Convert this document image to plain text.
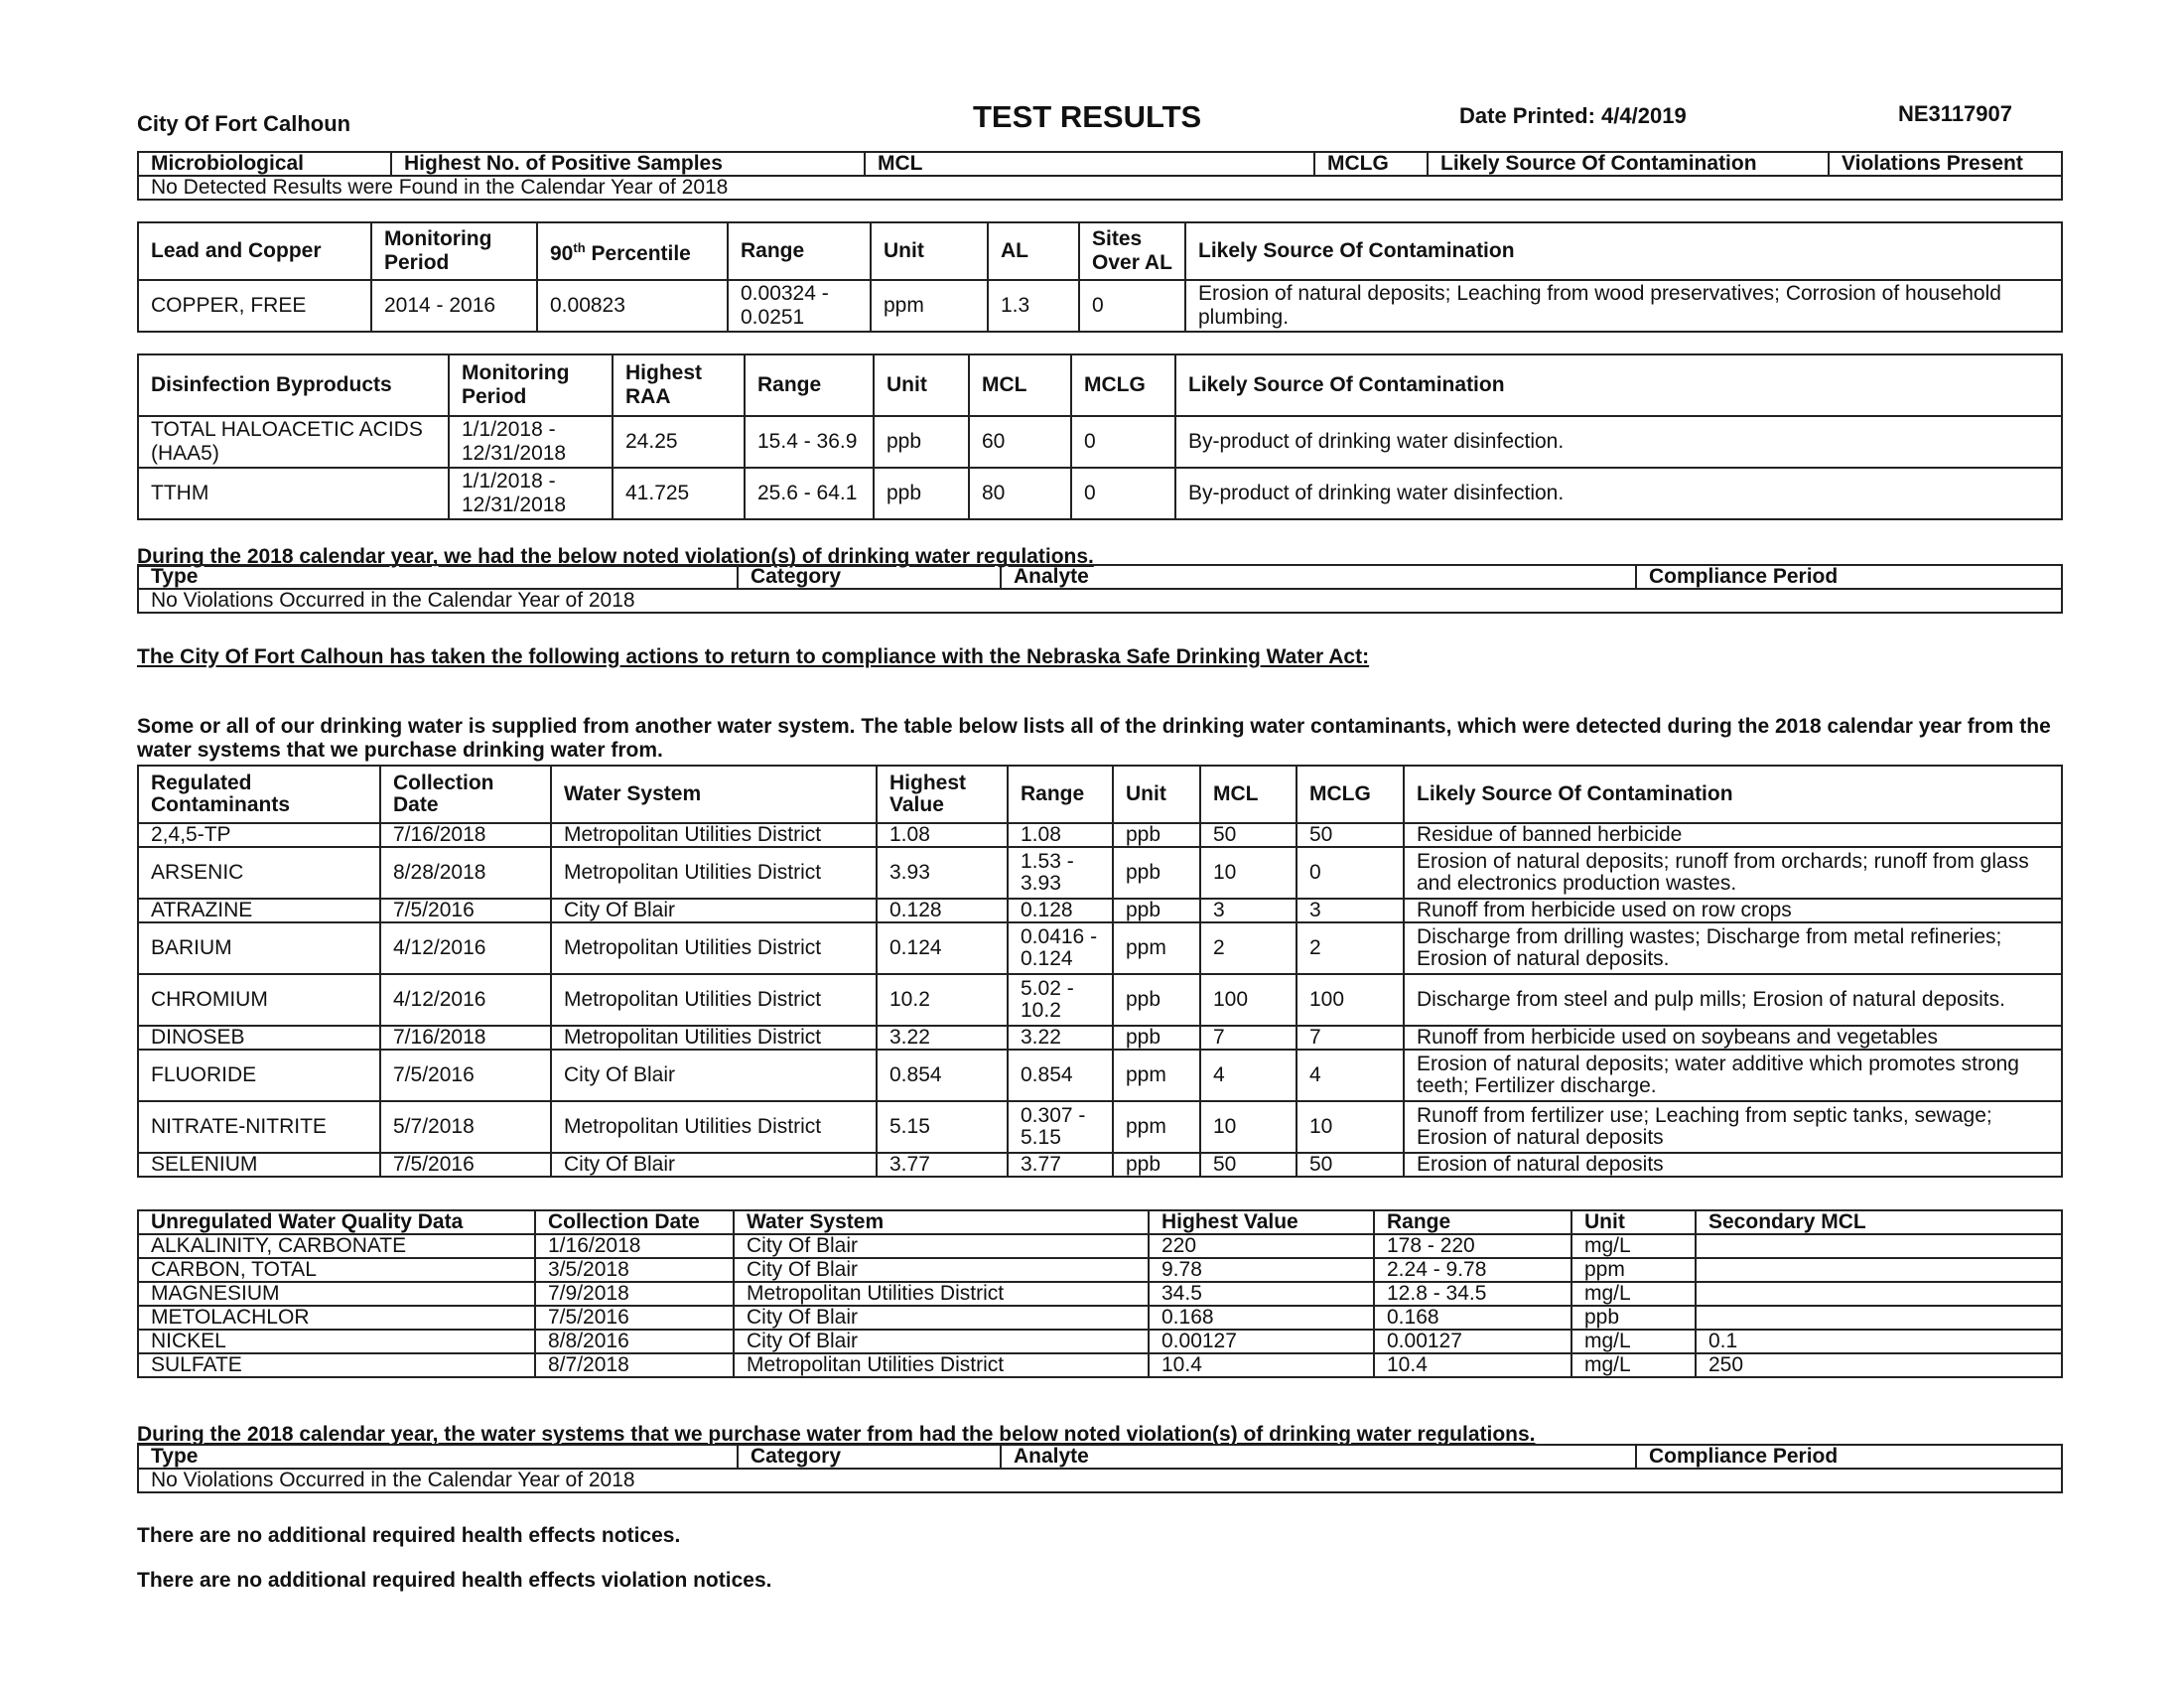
City Of Fort Calhoun	TEST RESULTS	Date Printed: 4/4/2019	NE3117907
Microbiological	Highest No. of Positive Samples	MCL	MCLG	Likely Source Of Contamination	Violations Present
No Detected Results were Found in the Calendar Year of 2018
Lead and Copper	Monitoring Period	90th Percentile	Range	Unit	AL	Sites Over AL	Likely Source Of Contamination
COPPER, FREE	2014 - 2016	0.00823	0.00324 - 0.0251	ppm	1.3	0	Erosion of natural deposits; Leaching from wood preservatives; Corrosion of household plumbing.
Disinfection Byproducts	Monitoring Period	Highest RAA	Range	Unit	MCL	MCLG	Likely Source Of Contamination
TOTAL HALOACETIC ACIDS (HAA5)	1/1/2018 - 12/31/2018	24.25	15.4 - 36.9	ppb	60	0	By-product of drinking water disinfection.
TTHM	1/1/2018 - 12/31/2018	41.725	25.6 - 64.1	ppb	80	0	By-product of drinking water disinfection.
During the 2018 calendar year, we had the below noted violation(s) of drinking water regulations.
Type	Category	Analyte	Compliance Period
No Violations Occurred in the Calendar Year of 2018
The City Of Fort Calhoun has taken the following actions to return to compliance with the Nebraska Safe Drinking Water Act:
Some or all of our drinking water is supplied from another water system. The table below lists all of the drinking water contaminants, which were detected during the 2018 calendar year from the water systems that we purchase drinking water from.
Regulated Contaminants	Collection Date	Water System	Highest Value	Range	Unit	MCL	MCLG	Likely Source Of Contamination
2,4,5-TP	7/16/2018	Metropolitan Utilities District	1.08	1.08	ppb	50	50	Residue of banned herbicide
ARSENIC	8/28/2018	Metropolitan Utilities District	3.93	1.53 - 3.93	ppb	10	0	Erosion of natural deposits; runoff from orchards; runoff from glass and electronics production wastes.
ATRAZINE	7/5/2016	City Of Blair	0.128	0.128	ppb	3	3	Runoff from herbicide used on row crops
BARIUM	4/12/2016	Metropolitan Utilities District	0.124	0.0416 - 0.124	ppm	2	2	Discharge from drilling wastes; Discharge from metal refineries; Erosion of natural deposits.
CHROMIUM	4/12/2016	Metropolitan Utilities District	10.2	5.02 - 10.2	ppb	100	100	Discharge from steel and pulp mills; Erosion of natural deposits.
DINOSEB	7/16/2018	Metropolitan Utilities District	3.22	3.22	ppb	7	7	Runoff from herbicide used on soybeans and vegetables
FLUORIDE	7/5/2016	City Of Blair	0.854	0.854	ppm	4	4	Erosion of natural deposits; water additive which promotes strong teeth; Fertilizer discharge.
NITRATE-NITRITE	5/7/2018	Metropolitan Utilities District	5.15	0.307 - 5.15	ppm	10	10	Runoff from fertilizer use; Leaching from septic tanks, sewage; Erosion of natural deposits
SELENIUM	7/5/2016	City Of Blair	3.77	3.77	ppb	50	50	Erosion of natural deposits
Unregulated Water Quality Data	Collection Date	Water System	Highest Value	Range	Unit	Secondary MCL
ALKALINITY, CARBONATE	1/16/2018	City Of Blair	220	178 - 220	mg/L	
CARBON, TOTAL	3/5/2018	City Of Blair	9.78	2.24 - 9.78	ppm	
MAGNESIUM	7/9/2018	Metropolitan Utilities District	34.5	12.8 - 34.5	mg/L	
METOLACHLOR	7/5/2016	City Of Blair	0.168	0.168	ppb	
NICKEL	8/8/2016	City Of Blair	0.00127	0.00127	mg/L	0.1
SULFATE	8/7/2018	Metropolitan Utilities District	10.4	10.4	mg/L	250
During the 2018 calendar year, the water systems that we purchase water from had the below noted violation(s) of drinking water regulations.
Type	Category	Analyte	Compliance Period
No Violations Occurred in the Calendar Year of 2018
There are no additional required health effects notices.
There are no additional required health effects violation notices.
